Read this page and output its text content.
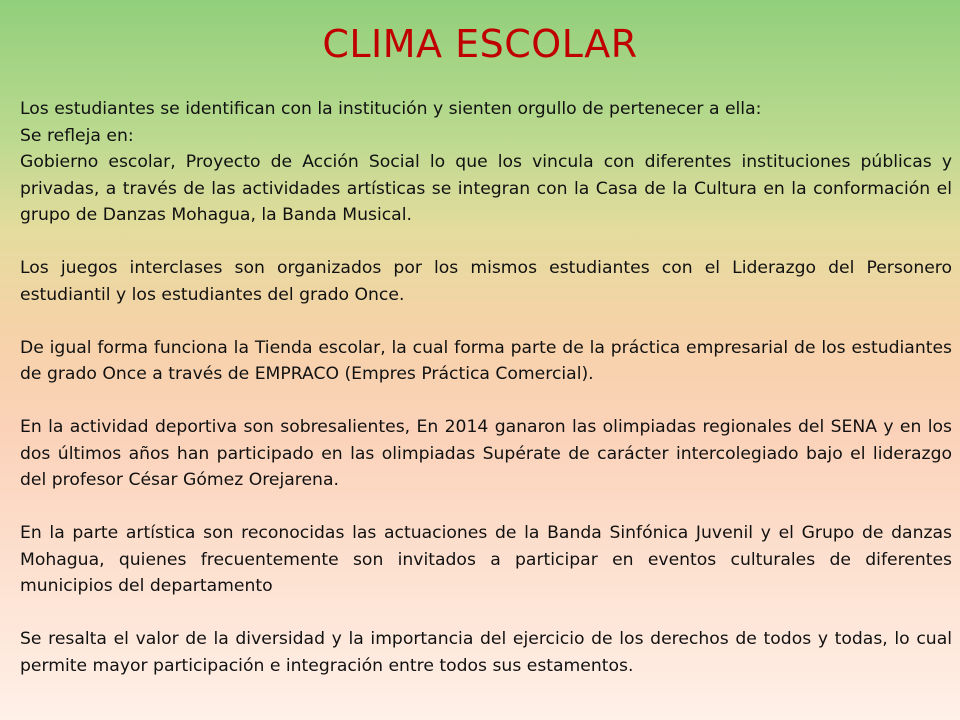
CLIMA ESCOLAR

Los estudiantes se identifican con la institución y sienten orgullo de pertenecer a ella:

Se refleja en:

Gobierno escolar, Proyecto de Acción Social lo que los vincula con diferentes instituciones públicas y privadas, a través de las actividades artísticas se integran con la Casa de la Cultura en la conformación el grupo de Danzas Mohagua, la Banda Musical.

Los juegos interclases son organizados por los mismos estudiantes con el Liderazgo del Personero estudiantil y los estudiantes del grado Once.

De igual forma funciona la Tienda escolar, la cual forma parte de la práctica empresarial de los estudiantes de grado Once a través de EMPRACO (Empres Práctica Comercial).

En la actividad deportiva son sobresalientes, En 2014 ganaron las olimpiadas regionales del SENA y en los dos últimos años han participado en las olimpiadas Supérate de carácter intercolegiado bajo el liderazgo del profesor César Gómez Orejarena.

En la parte artística son reconocidas las actuaciones de la Banda Sinfónica Juvenil y el Grupo de danzas Mohagua, quienes frecuentemente son invitados a participar en eventos culturales de diferentes municipios del departamento

Se resalta el valor de la diversidad y la importancia del ejercicio de los derechos de todos y todas, lo cual permite mayor participación e integración entre todos sus estamentos.
